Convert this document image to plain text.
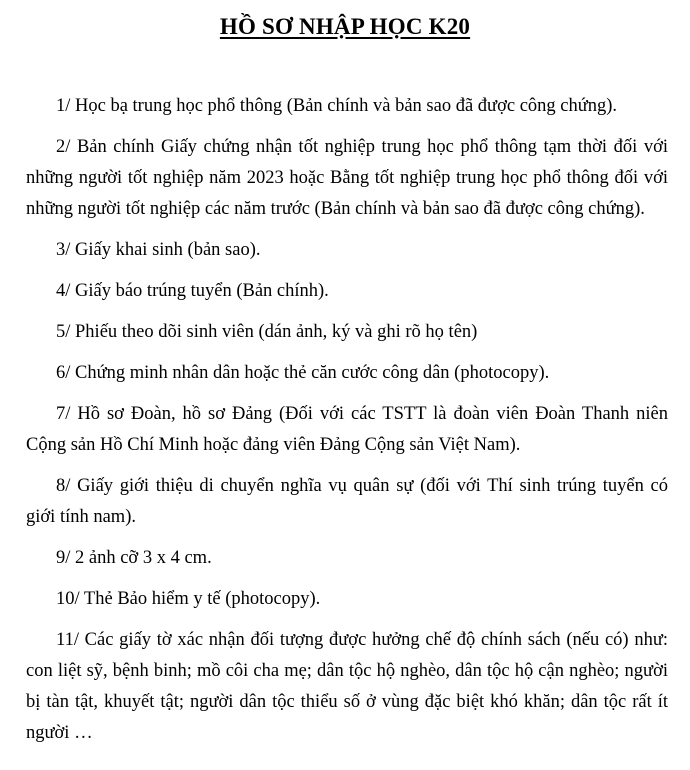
HỒ SƠ NHẬP HỌC K20

1/ Học bạ trung học phổ thông (Bản chính và bản sao đã được công chứng).

2/ Bản chính Giấy chứng nhận tốt nghiệp trung học phổ thông tạm thời đối với những người tốt nghiệp năm 2023 hoặc Bằng tốt nghiệp trung học phổ thông đối với những người tốt nghiệp các năm trước (Bản chính và bản sao đã được công chứng).

3/ Giấy khai sinh (bản sao).

4/ Giấy báo trúng tuyển (Bản chính).

5/ Phiếu theo dõi sinh viên (dán ảnh, ký và ghi rõ họ tên)

6/ Chứng minh nhân dân hoặc thẻ căn cước công dân (photocopy).

7/ Hồ sơ Đoàn, hồ sơ Đảng (Đối với các TSTT là đoàn viên Đoàn Thanh niên Cộng sản Hồ Chí Minh hoặc đảng viên Đảng Cộng sản Việt Nam).

8/ Giấy giới thiệu di chuyển nghĩa vụ quân sự (đối với Thí sinh trúng tuyển có giới tính nam).

9/ 2 ảnh cỡ 3 x 4 cm.

10/ Thẻ Bảo hiểm y tế (photocopy).

11/ Các giấy tờ xác nhận đối tượng được hưởng chế độ chính sách (nếu có) như: con liệt sỹ, bệnh binh; mồ côi cha mẹ; dân tộc hộ nghèo, dân tộc hộ cận nghèo; người bị tàn tật, khuyết tật; người dân tộc thiểu số ở vùng đặc biệt khó khăn; dân tộc rất ít người …
